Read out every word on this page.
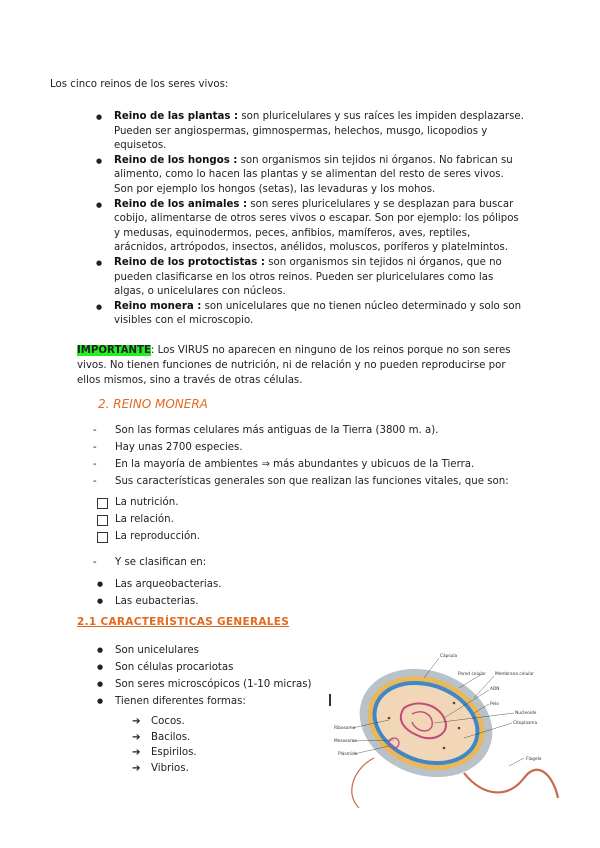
Los cinco reinos de los seres vivos:
● Reino de las plantas : son pluricelulares y sus raíces les impiden desplazarse. Pueden ser angiospermas, gimnospermas, helechos, musgo, licopodios y equisetos.
● Reino de los hongos : son organismos sin tejidos ni órganos. No fabrican su alimento, como lo hacen las plantas y se alimentan del resto de seres vivos. Son por ejemplo los hongos (setas), las levaduras y los mohos.
● Reino de los animales : son seres pluricelulares y se desplazan para buscar cobijo, alimentarse de otros seres vivos o escapar. Son por ejemplo: los pólipos y medusas, equinodermos, peces, anfibios, mamíferos, aves, reptiles, arácnidos, artrópodos, insectos, anélidos, moluscos, poríferos y platelmintos.
● Reino de los protoctistas : son organismos sin tejidos ni órganos, que no pueden clasificarse en los otros reinos. Pueden ser pluricelulares como las algas, o unicelulares con núcleos.
● Reino monera : son unicelulares que no tienen núcleo determinado y solo son visibles con el microscopio.
IMPORTANTE: Los VIRUS no aparecen en ninguno de los reinos porque no son seres vivos. No tienen funciones de nutrición, ni de relación y no pueden reproducirse por ellos mismos, sino a través de otras células.
2. REINO MONERA
- Son las formas celulares más antiguas de la Tierra (3800 m. a).
- Hay unas 2700 especies.
- En la mayoría de ambientes ⇒ más abundantes y ubicuos de la Tierra.
- Sus características generales son que realizan las funciones vitales, que son:
La nutrición.
La relación.
La reproducción.
- Y se clasifican en:
● Las arqueobacterias.
● Las eubacterias.
2.1 CARACTERÍSTICAS GENERALES
● Son unicelulares
● Son células procariotas
● Son seres microscópicos (1-10 micras)
● Tienen diferentes formas:
➔ Cocos.
➔ Bacilos.
➔ Espirilos.
➔ Vibrios.
Cápsula
Pared celular Membrana celular
ADN
Pelo
Nucleoide
Citoplasma
Ribosoma
Mesosoma
Plásmido
Flagelo
